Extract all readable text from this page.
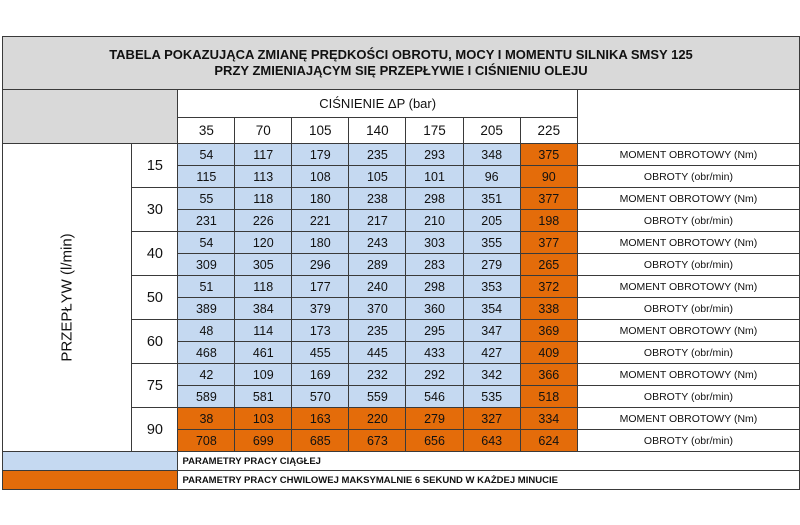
TABELA POKAZUJĄCA ZMIANĘ PRĘDKOŚCI OBROTU, MOCY I MOMENTU SILNIKA SMSY 125
PRZY ZMIENIAJĄCYM SIĘ PRZEPŁYWIE I CIŚNIENIU OLEJU									

		CIŚNIENIE ΔP (bar)							
		35	70	105	140	175	205	225	
PRZEPŁYW (l/min)	15	54	117	179	235	293	348	375	MOMENT OBROTOWY (Nm)
		115	113	108	105	101	96	90	OBROTY (obr/min)
	30	55	118	180	238	298	351	377	MOMENT OBROTOWY (Nm)
		231	226	221	217	210	205	198	OBROTY (obr/min)
	40	54	120	180	243	303	355	377	MOMENT OBROTOWY (Nm)
		309	305	296	289	283	279	265	OBROTY (obr/min)
	50	51	118	177	240	298	353	372	MOMENT OBROTOWY (Nm)
		389	384	379	370	360	354	338	OBROTY (obr/min)
	60	48	114	173	235	295	347	369	MOMENT OBROTOWY (Nm)
		468	461	455	445	433	427	409	OBROTY (obr/min)
	75	42	109	169	232	292	342	366	MOMENT OBROTOWY (Nm)
		589	581	570	559	546	535	518	OBROTY (obr/min)
	90	38	103	163	220	279	327	334	MOMENT OBROTOWY (Nm)
		708	699	685	673	656	643	624	OBROTY (obr/min)
		PARAMETRY PRACY CIĄGŁEJ							
		PARAMETRY PRACY CHWILOWEJ MAKSYMALNIE 6 SEKUND W KAŻDEJ MINUCIE							
